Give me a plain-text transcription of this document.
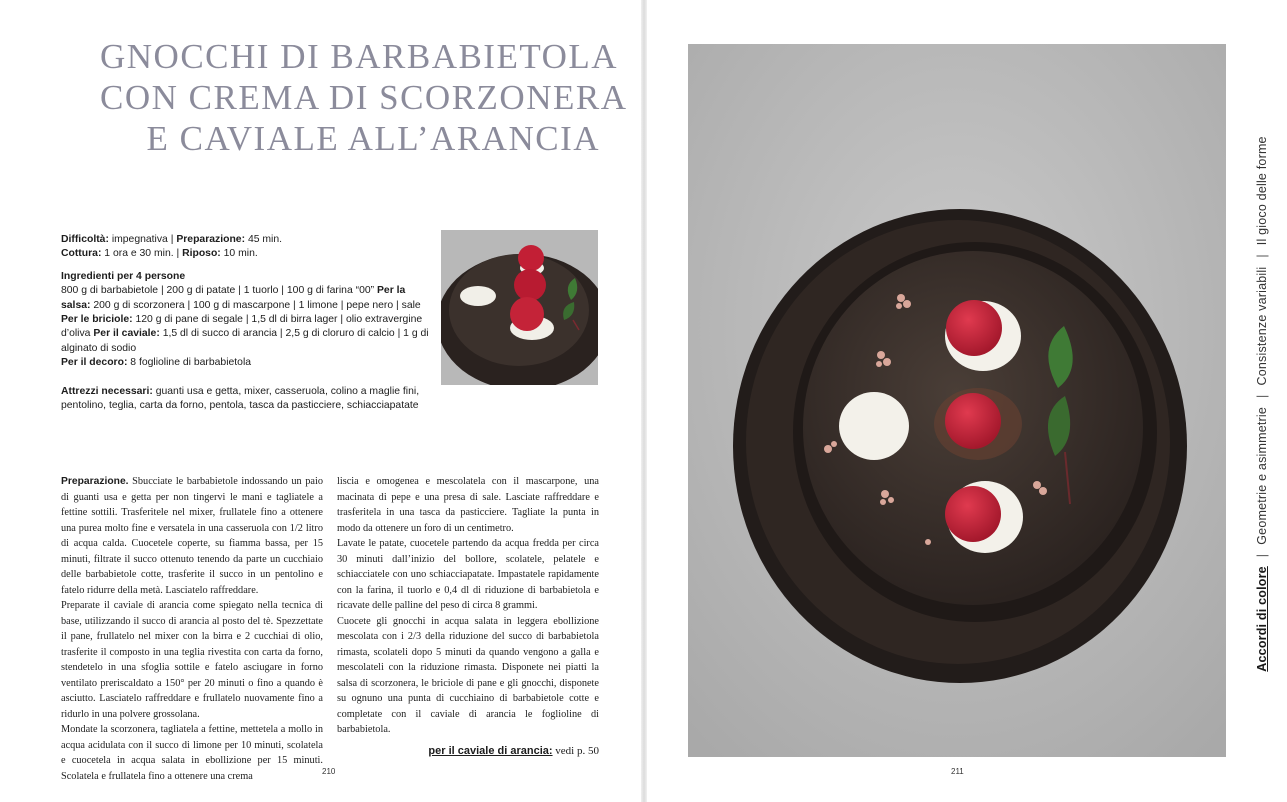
GNOCCHI DI BARBABIETOLA
CON CREMA DI SCORZONERA
E CAVIALE ALL’ARANCIA

Difficoltà: impegnativa | Preparazione: 45 min.

Cottura: 1 ora e 30 min. | Riposo: 10 min.

Ingredienti per 4 persone

800 g di barbabietole | 200 g di patate | 1 tuorlo | 100 g di farina “00” Per la salsa: 200 g di scorzonera | 100 g di mascarpone | 1 limone | pepe nero | sale Per le briciole: 120 g di pane di segale | 1,5 dl di birra lager | olio extravergine d’oliva Per il caviale: 1,5 dl di succo di arancia | 2,5 g di cloruro di calcio | 1 g di alginato di sodio
Per il decoro: 8 foglioline di barbabietola

Attrezzi necessari: guanti usa e getta, mixer, casseruola, colino a maglie fini, pentolino, teglia, carta da forno, pentola, tasca da pasticciere, schiacciapatate

Preparazione. Sbucciate le barbabietole indossando un paio di guanti usa e getta per non tingervi le mani e tagliatele a fettine sottili. Trasferitele nel mixer, frullatele fino a ottenere una purea molto fine e versatela in una casseruola con 1/2 litro di acqua calda. Cuocetele coperte, su fiamma bassa, per 15 minuti, filtrate il succo ottenuto tenendo da parte un cucchiaio delle barbabietole cotte, trasferite il succo in un pentolino e fatelo ridurre della metà. Lasciatelo raffreddare.

Preparate il caviale di arancia come spiegato nella tecnica di base, utilizzando il succo di arancia al posto del tè. Spezzettate il pane, frullatelo nel mixer con la birra e 2 cucchiai di olio, trasferite il composto in una teglia rivestita con carta da forno, stendetelo in una sfoglia sottile e fatelo asciugare in forno ventilato preriscaldato a 150° per 20 minuti o fino a quando è asciutto. Lasciatelo raffreddare e frullatelo nuovamente fino a ridurlo in una polvere grossolana.

Mondate la scorzonera, tagliatela a fettine, mettetela a mollo in acqua acidulata con il succo di limone per 10 minuti, scolatela e cuocetela in acqua salata in ebollizione per 15 minuti. Scolatela e frullatela fino a ottenere una crema

liscia e omogenea e mescolatela con il mascarpone, una macinata di pepe e una presa di sale. Lasciate raffreddare e trasferitela in una tasca da pasticciere. Tagliate la punta in modo da ottenere un foro di un centimetro.

Lavate le patate, cuocetele partendo da acqua fredda per circa 30 minuti dall’inizio del bollore, scolatele, pelatele e schiacciatele con uno schiacciapatate. Impastatele rapidamente con la farina, il tuorlo e 0,4 dl di riduzione di barbabietola e ricavate delle palline del peso di circa 8 grammi.

Cuocete gli gnocchi in acqua salata in leggera ebollizione mescolata con i 2/3 della riduzione del succo di barbabietola rimasta, scolateli dopo 5 minuti da quando vengono a galla e mescolateli con la riduzione rimasta. Disponete nei piatti la salsa di scorzonera, le briciole di pane e gli gnocchi, disponete su ognuno una punta di cucchiaino di barbabietole cotte e completate con il caviale di arancia le foglioline di barbabietola.

per il caviale di arancia: vedi p. 50
210	211
Accordi di colore|Geometrie e asimmetrie|Consistenze variabili|Il gioco delle forme
